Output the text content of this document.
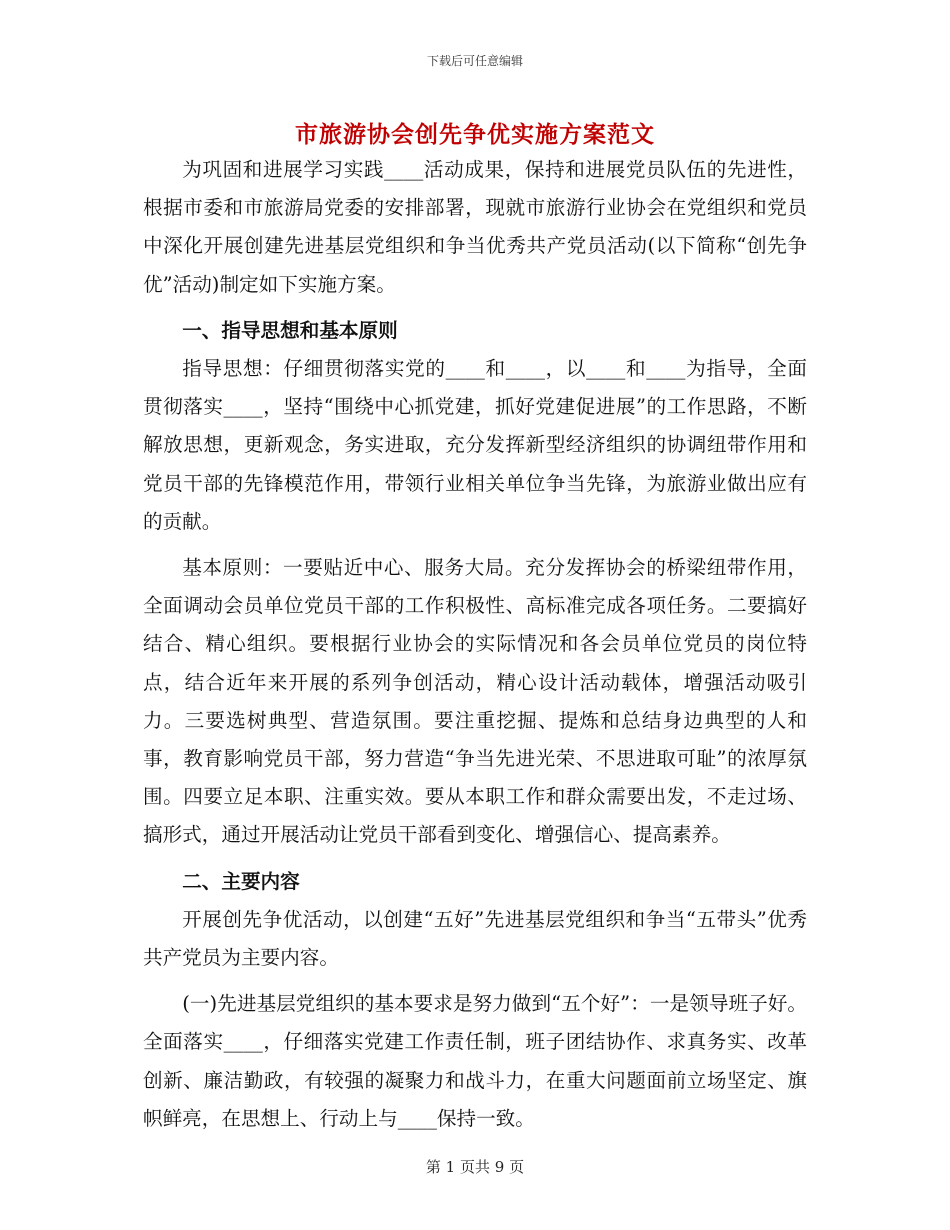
下载后可任意编辑
市旅游协会创先争优实施方案范文

为巩固和进展学习实践____活动成果，保持和进展党员队伍的先进性，根据市委和市旅游局党委的安排部署，现就市旅游行业协会在党组织和党员中深化开展创建先进基层党组织和争当优秀共产党员活动(以下简称“创先争优”活动)制定如下实施方案。

一、指导思想和基本原则

指导思想：仔细贯彻落实党的____和____，以____和____为指导，全面贯彻落实____，坚持“围绕中心抓党建，抓好党建促进展”的工作思路，不断解放思想，更新观念，务实进取，充分发挥新型经济组织的协调纽带作用和党员干部的先锋模范作用，带领行业相关单位争当先锋，为旅游业做出应有的贡献。

基本原则：一要贴近中心、服务大局。充分发挥协会的桥梁纽带作用，全面调动会员单位党员干部的工作积极性、高标准完成各项任务。二要搞好结合、精心组织。要根据行业协会的实际情况和各会员单位党员的岗位特点，结合近年来开展的系列争创活动，精心设计活动载体，增强活动吸引力。三要选树典型、营造氛围。要注重挖掘、提炼和总结身边典型的人和事，教育影响党员干部，努力营造“争当先进光荣、不思进取可耻”的浓厚氛围。四要立足本职、注重实效。要从本职工作和群众需要出发，不走过场、搞形式，通过开展活动让党员干部看到变化、增强信心、提高素养。

二、主要内容

开展创先争优活动，以创建“五好”先进基层党组织和争当“五带头”优秀共产党员为主要内容。

(一)先进基层党组织的基本要求是努力做到“五个好”：一是领导班子好。全面落实____，仔细落实党建工作责任制，班子团结协作、求真务实、改革创新、廉洁勤政，有较强的凝聚力和战斗力，在重大问题面前立场坚定、旗帜鲜亮，在思想上、行动上与____保持一致。

第 1 页共 9 页
